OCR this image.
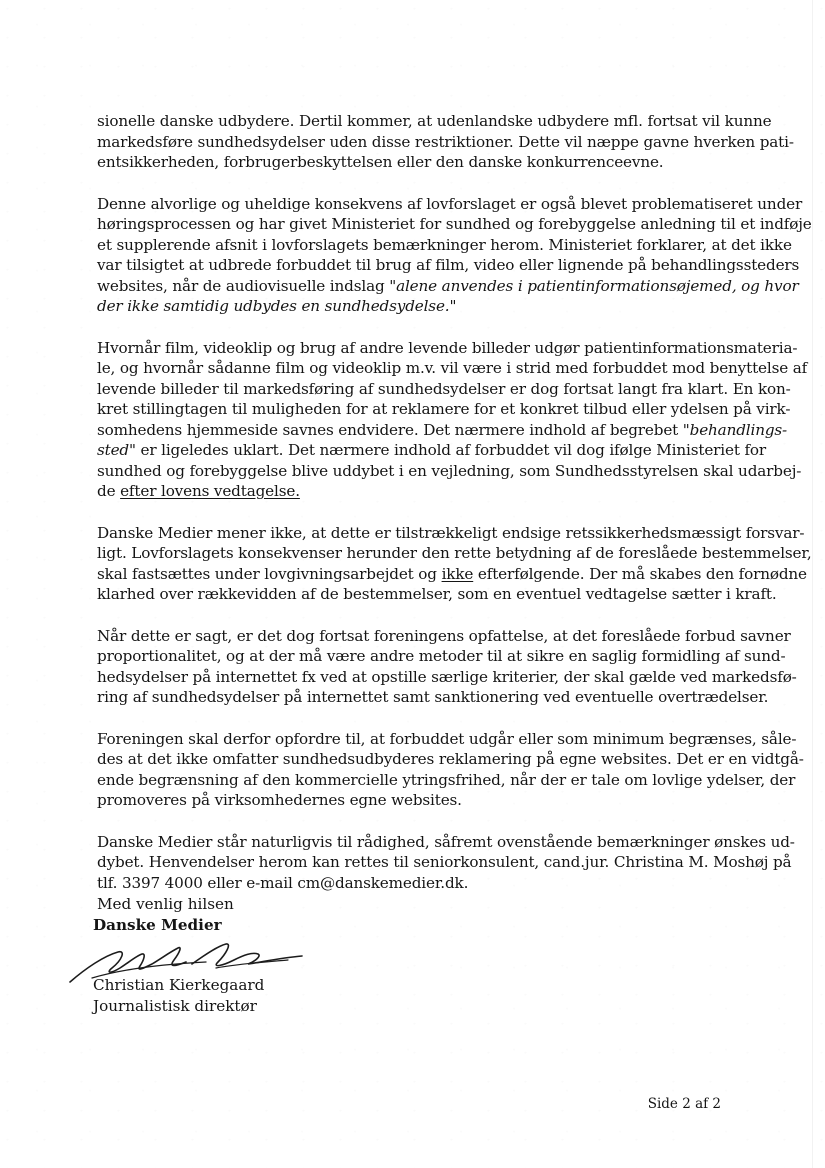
sionelle danske udbydere. Dertil kommer, at udenlandske udbydere mfl. fortsat vil kunne
markedsføre sundhedsydelser uden disse restriktioner. Dette vil næppe gavne hverken pati-
entsikkerheden, forbrugerbeskyttelsen eller den danske konkurrenceevne.

Denne alvorlige og uheldige konsekvens af lovforslaget er også blevet problematiseret under
høringsprocessen og har givet Ministeriet for sundhed og forebyggelse anledning til et indføje
et supplerende afsnit i lovforslagets bemærkninger herom. Ministeriet forklarer, at det ikke
var tilsigtet at udbrede forbuddet til brug af film, video eller lignende på behandlingssteders
websites, når de audiovisuelle indslag "alene anvendes i patientinformationsøjemed, og hvor
der ikke samtidig udbydes en sundhedsydelse."

Hvornår film, videoklip og brug af andre levende billeder udgør patientinformationsmateria-
le, og hvornår sådanne film og videoklip m.v. vil være i strid med forbuddet mod benyttelse af
levende billeder til markedsføring af sundhedsydelser er dog fortsat langt fra klart. En kon-
kret stillingtagen til muligheden for at reklamere for et konkret tilbud eller ydelsen på virk-
somhedens hjemmeside savnes endvidere. Det nærmere indhold af begrebet "behandlings-
sted" er ligeledes uklart. Det nærmere indhold af forbuddet vil dog ifølge Ministeriet for
sundhed og forebyggelse blive uddybet i en vejledning, som Sundhedsstyrelsen skal udarbej-
de efter lovens vedtagelse.

Danske Medier mener ikke, at dette er tilstrækkeligt endsige retssikkerhedsmæssigt forsvar-
ligt. Lovforslagets konsekvenser herunder den rette betydning af de foreslåede bestemmelser,
skal fastsættes under lovgivningsarbejdet og ikke efterfølgende. Der må skabes den fornødne
klarhed over rækkevidden af de bestemmelser, som en eventuel vedtagelse sætter i kraft.

Når dette er sagt, er det dog fortsat foreningens opfattelse, at det foreslåede forbud savner
proportionalitet, og at der må være andre metoder til at sikre en saglig formidling af sund-
hedsydelser på internettet fx ved at opstille særlige kriterier, der skal gælde ved markedsfø-
ring af sundhedsydelser på internettet samt sanktionering ved eventuelle overtrædelser.

Foreningen skal derfor opfordre til, at forbuddet udgår eller som minimum begrænses, såle-
des at det ikke omfatter sundhedsudbyderes reklamering på egne websites. Det er en vidtgå-
ende begrænsning af den kommercielle ytringsfrihed, når der er tale om lovlige ydelser, der
promoveres på virksomhedernes egne websites.

Danske Medier står naturligvis til rådighed, såfremt ovenstående bemærkninger ønskes ud-
dybet. Henvendelser herom kan rettes til seniorkonsulent, cand.jur. Christina M. Moshøj på
tlf. 3397 4000 eller e-mail cm@danskemedier.dk.

Med venlig hilsen
Danske Medier
Christian Kierkegaard
Journalistisk direktør
Side 2 af 2
